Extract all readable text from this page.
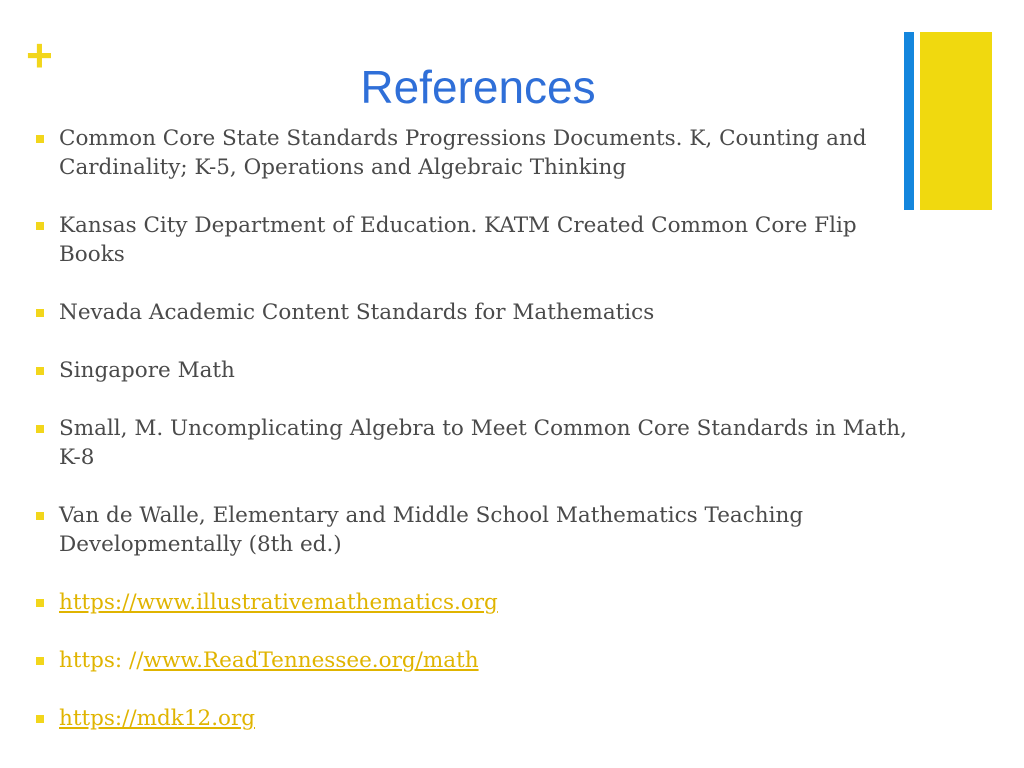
+
References
Common Core State Standards Progressions Documents. K, Counting and Cardinality; K-5, Operations and Algebraic Thinking
Kansas City Department of Education. KATM Created Common Core Flip Books
Nevada Academic Content Standards for Mathematics
Singapore Math
Small, M. Uncomplicating Algebra to Meet Common Core Standards in Math, K-8
Van de Walle, Elementary and Middle School Mathematics Teaching Developmentally (8th ed.)
https://www.illustrativemathematics.org
https: //www.ReadTennessee.org/math
https://mdk12.org
